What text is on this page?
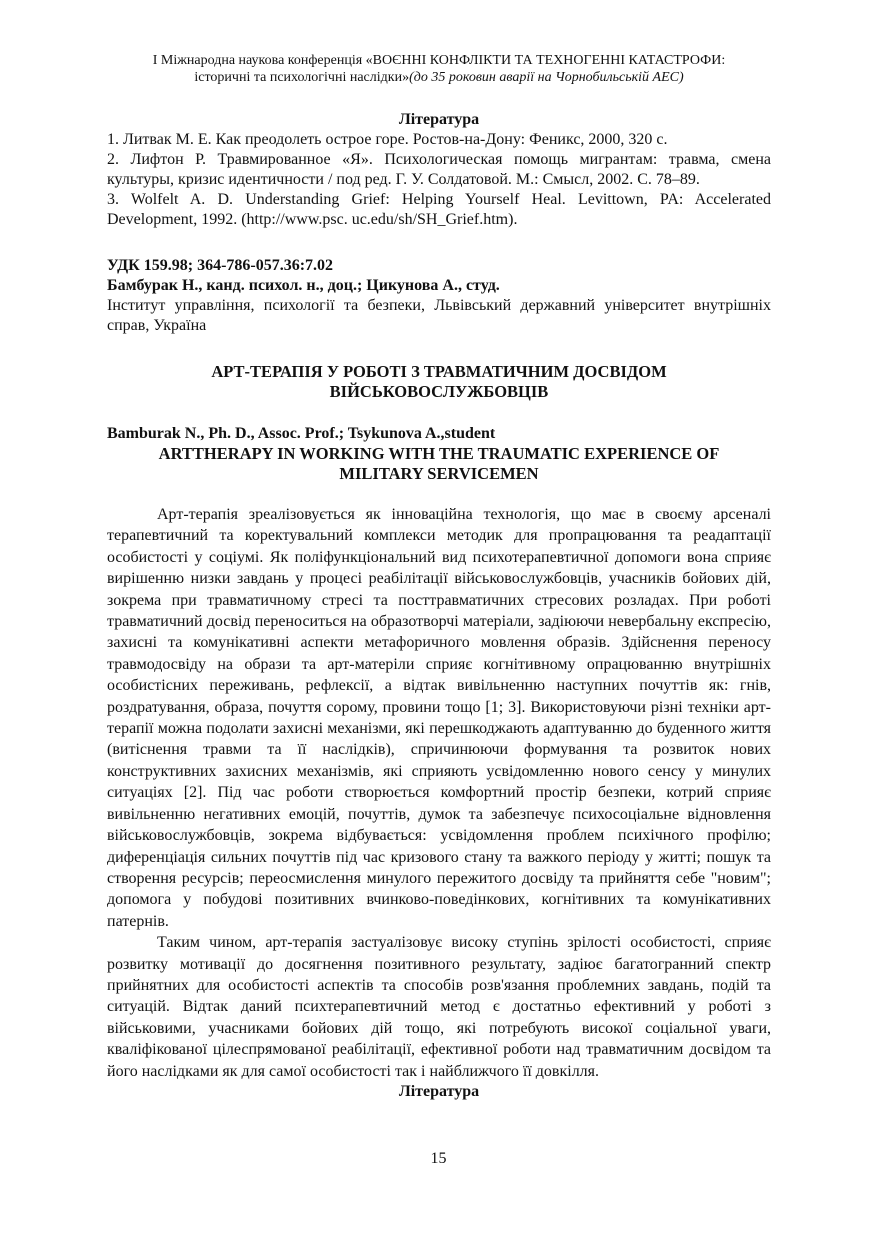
I Міжнародна наукова конференція «ВОЄННІ КОНФЛІКТИ ТА ТЕХНОГЕННІ КАТАСТРОФИ:
історичні та психологічні наслідки»(до 35 роковин аварії на Чорнобильській АЕС)
Література
1. Литвак М. Е. Как преодолеть острое горе. Ростов-на-Дону: Феникс, 2000, 320 с.
2. Лифтон Р. Травмированное «Я». Психологическая помощь мигрантам: травма, смена культуры, кризис идентичности / под ред. Г. У. Солдатовой. М.: Смысл, 2002. С. 78–89.
3. Wolfelt A. D. Understanding Grief: Helping Yourself Heal. Levittown, PA: Accelerated Development, 1992. (http://www.psc. uc.edu/sh/SH_Grief.htm).
УДК 159.98; 364-786-057.36:7.02
Бамбурак Н., канд. психол. н., доц.; Цикунова А., студ.
Інститут управління, психології та безпеки, Львівський державний університет внутрішніх справ, Україна
АРТ-ТЕРАПІЯ У РОБОТІ З ТРАВМАТИЧНИМ ДОСВІДОМ
ВІЙСЬКОВОСЛУЖБОВЦІВ
Bamburak N., Ph. D., Assoc. Prof.; Tsykunova A.,student
ARTTHERAPY IN WORKING WITH THE TRAUMATIC EXPERIENCE OF
MILITARY SERVICEMEN

Арт-терапія зреалізовується як інноваційна технологія, що має в своєму арсеналі терапевтичний та коректувальний комплекси методик для пропрацювання та реадаптації особистості у соціумі. Як поліфункціональний вид психотерапевтичної допомоги вона сприяє вирішенню низки завдань у процесі реабілітації військовослужбовців, учасників бойових дій, зокрема при травматичному стресі та посттравматичних стресових розладах. При роботі травматичний досвід переноситься на образотворчі матеріали, задіюючи невербальну експресію, захисні та комунікативні аспекти метафоричного мовлення образів. Здійснення переносу травмодосвіду на образи та арт-матеріли сприяє когнітивному опрацюванню внутрішніх особистісних переживань, рефлексії, а відтак вивільненню наступних почуттів як: гнів, роздратування, образа, почуття сорому, провини тощо [1; 3]. Використовуючи різні техніки арт-терапії можна подолати захисні механізми, які перешкоджають адаптуванню до буденного життя (витіснення травми та її наслідків), спричинюючи формування та розвиток нових конструктивних захисних механізмів, які сприяють усвідомленню нового сенсу у минулих ситуаціях [2]. Під час роботи створюється комфортний простір безпеки, котрий сприяє вивільненню негативних емоцій, почуттів, думок та забезпечує психосоціальне відновлення військовослужбовців, зокрема відбувається: усвідомлення проблем психічного профілю; диференціація сильних почуттів під час кризового стану та важкого періоду у житті; пошук та створення ресурсів; переосмислення минулого пережитого досвіду та прийняття себе "новим"; допомога у побудові позитивних вчинково-поведінкових, когнітивних та комунікативних патернів.

Таким чином, арт-терапія застуалізовує високу ступінь зрілості особистості, сприяє розвитку мотивації до досягнення позитивного результату, задіює багатогранний спектр прийнятних для особистості аспектів та способів розв'язання проблемних завдань, подій та ситуацій. Відтак даний психтерапевтичний метод є достатньо ефективний у роботі з військовими, учасниками бойових дій тощо, які потребують високої соціальної уваги, кваліфікованої цілеспрямованої реабілітації, ефективної роботи над травматичним досвідом та його наслідками як для самої особистості так і найближчого її довкілля.

Література
15
